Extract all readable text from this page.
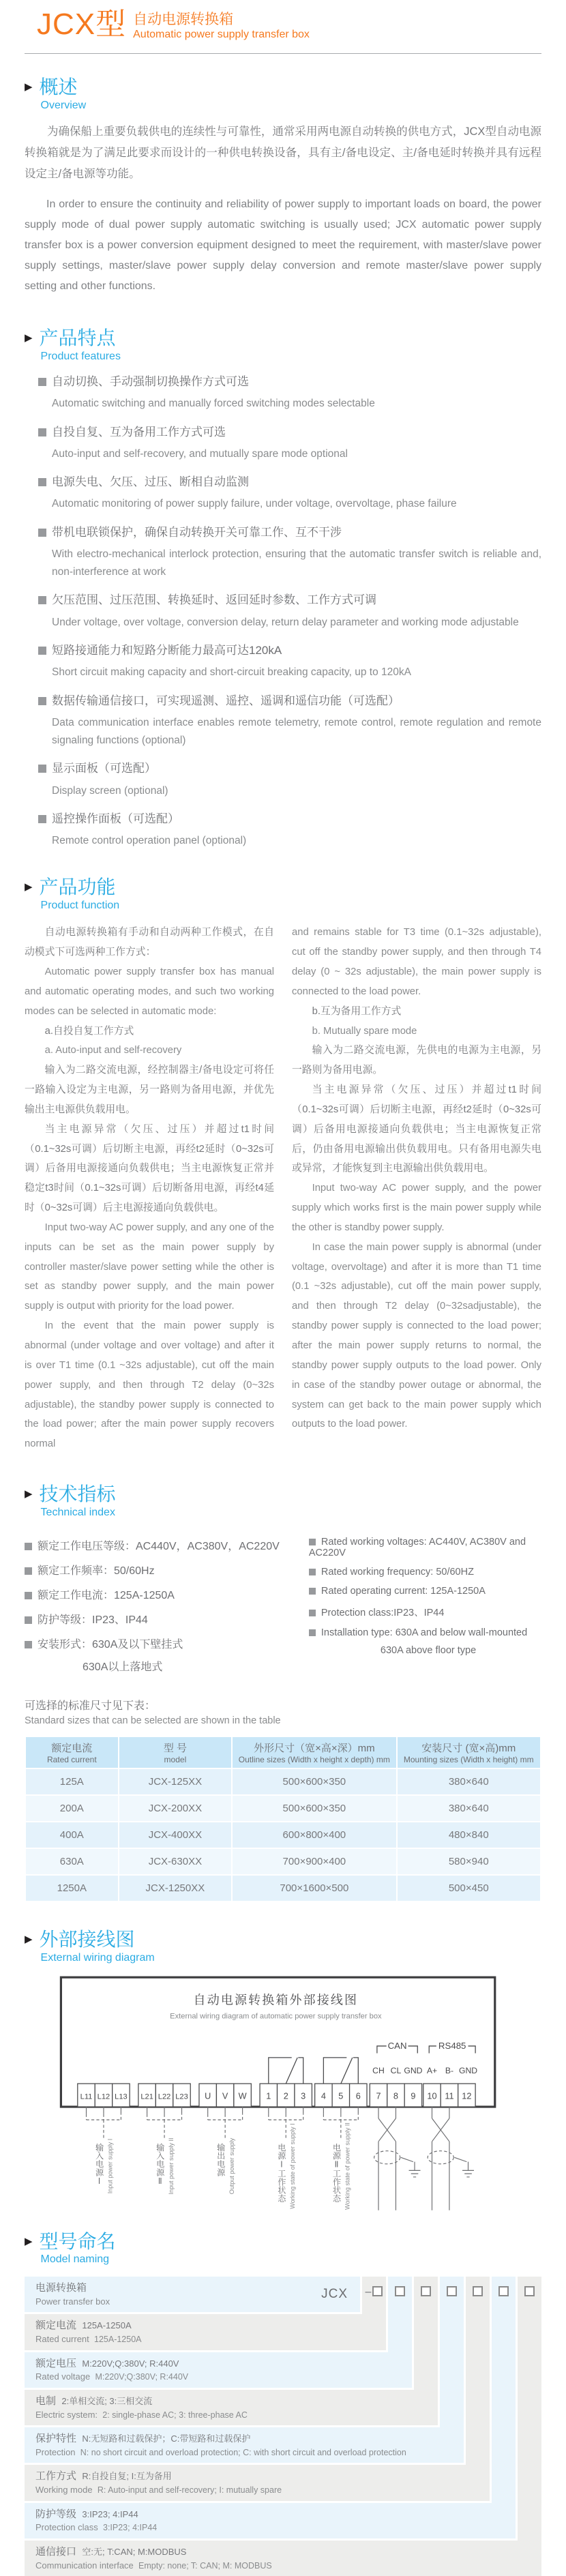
JCX型 自动电源转换箱
Automatic power supply transfer box
▶ 概述
Overview

为确保船上重要负载供电的连续性与可靠性，通常采用两电源自动转换的供电方式，JCX型自动电源转换箱就是为了满足此要求而设计的一种供电转换设备，具有主/备电设定、主/备电延时转换并具有远程设定主/备电源等功能。

In order to ensure the continuity and reliability of power supply to important loads on board, the power supply mode of dual power supply automatic switching is usually used; JCX automatic power supply transfer box is a power conversion equipment designed to meet the requirement, with master/slave power supply settings, master/slave power supply delay conversion and remote master/slave power supply setting and other functions.

▶ 产品特点
Product features
自动切换、手动强制切换操作方式可选
Automatic switching and manually forced switching modes selectable
自投自复、互为备用工作方式可选
Auto-input and self-recovery, and mutually spare mode optional
电源失电、欠压、过压、断相自动监测
Automatic monitoring of power supply failure, under voltage, overvoltage, phase failure
带机电联锁保护，确保自动转换开关可靠工作、互不干涉
With electro-mechanical interlock protection, ensuring that the automatic transfer switch is reliable and, non-interference at work
欠压范围、过压范围、转换延时、返回延时参数、工作方式可调
Under voltage, over voltage, conversion delay, return delay parameter and working mode adjustable
短路接通能力和短路分断能力最高可达120kA
Short circuit making capacity and short-circuit breaking capacity, up to 120kA
数据传输通信接口，可实现遥测、遥控、遥调和遥信功能（可选配）
Data communication interface enables remote telemetry, remote control, remote regulation and remote signaling functions (optional)
显示面板（可选配）
Display screen (optional)
遥控操作面板（可选配）
Remote control operation panel (optional)
▶ 产品功能
Product function

自动电源转换箱有手动和自动两种工作模式，在自动模式下可选两种工作方式：

Automatic power supply transfer box has manual and automatic operating modes, and such two working modes can be selected in automatic mode:

a.自投自复工作方式

a. Auto-input and self-recovery

输入为二路交流电源，经控制器主/备电设定可将任一路输入设定为主电源，另一路则为备用电源，并优先输出主电源供负载用电。

当主电源异常（欠压、过压）并超过t1时间（0.1~32s可调）后切断主电源，再经t2延时（0~32s可调）后备用电源接通向负载供电；当主电源恢复正常并稳定t3时间（0.1~32s可调）后切断备用电源，再经t4延时（0~32s可调）后主电源接通向负载供电。

Input two-way AC power supply, and any one of the inputs can be set as the main power supply by controller master/slave power setting while the other is set as standby power supply, and the main power supply is output with priority for the load power.

In the event that the main power supply is abnormal (under voltage and over voltage) and after it is over T1 time (0.1 ~32s adjustable), cut off the main power supply, and then through T2 delay (0~32s adjustable), the standby power supply is connected to the load power; after the main power supply recovers normal

and remains stable for T3 time (0.1~32s adjustable), cut off the standby power supply, and then through T4 delay (0 ~ 32s adjustable), the main power supply is connected to the load power.

b.互为备用工作方式

b. Mutually spare mode

输入为二路交流电源，先供电的电源为主电源，另一路则为备用电源。

当主电源异常（欠压、过压）并超过t1时间（0.1~32s可调）后切断主电源，再经t2延时（0~32s可调）后备用电源接通向负载供电；当主电源恢复正常后，仍由备用电源输出供负载用电。只有备用电源失电或异常，才能恢复到主电源输出供负载用电。

Input two-way AC power supply, and the power supply which works first is the main power supply while the other is standby power supply.

In case the main power supply is abnormal (under voltage, overvoltage) and after it is more than T1 time (0.1 ~32s adjustable), cut off the main power supply, and then through T2 delay (0~32sadjustable), the standby power supply is connected to the load power; after the main power supply returns to normal, the standby power supply outputs to the load power. Only in case of the standby power outage or abnormal, the system can get back to the main power supply which outputs to the load power.

▶ 技术指标
Technical index
额定工作电压等级：AC440V，AC380V，AC220V
额定工作频率：50/60Hz
额定工作电流：125A-1250A
防护等级：IP23、IP44
安装形式：630A及以下壁挂式
630A以上落地式
Rated working voltages: AC440V, AC380V and AC220V
Rated working frequency: 50/60HZ
Rated operating current: 125A-1250A
Protection class:IP23、IP44
Installation type: 630A and below wall-mounted
630A above floor type
可选择的标准尺寸见下表：
Standard sizes that can be selected are shown in the table
额定电流
Rated current	型 号
model	外形尺寸（宽×高×深）mm
Outline sizes (Width x height x depth) mm	安装尺寸 (宽×高)mm
Mounting sizes (Width x height) mm

125A	JCX-125XX	500×600×350	380×640
200A	JCX-200XX	500×600×350	380×640
400A	JCX-400XX	600×800×400	480×840
630A	JCX-630XX	700×900×400	580×940
1250A	JCX-1250XX	700×1600×500	500×450
▶ 外部接线图
External wiring diagram
自动电源转换箱外部接线图
External wiring diagram of automatic power supply transfer box
CAN	RS485
CH CL GND A+ B- GND
L11 L12 L13 L21 L22 L23 U V W 1 2 3 4 5 6 7 8 9 10 11 12
输入电源Ⅰ Input power supply I	输入电源Ⅱ Input power supply II	输出电源 Output power supply	电源Ⅰ工作状态 Working state of power supply I	电源Ⅱ工作状态 Working state of power supply II
▶ 型号命名
Model naming
电源转换箱
Power transfer box
JCX	–
额定电流 125A-1250A
Rated current 125A-1250A
额定电压 M:220V;Q:380V; R:440V
Rated voltage M:220V;Q:380V; R:440V
电制 2:单相交流; 3:三相交流
Electric system: 2: single-phase AC; 3: three-phase AC
保护特性 N:无短路和过载保护；C:带短路和过载保护
Protection N: no short circuit and overload protection; C: with short circuit and overload protection
工作方式 R:自投自复; I:互为备用
Working mode R: Auto-input and self-recovery; I: mutually spare
防护等级 3:IP23; 4:IP44
Protection class 3:IP23; 4:IP44
通信接口 空:无; T:CAN; M:MODBUS
Communication interface Empty: none; T: CAN; M: MODBUS
